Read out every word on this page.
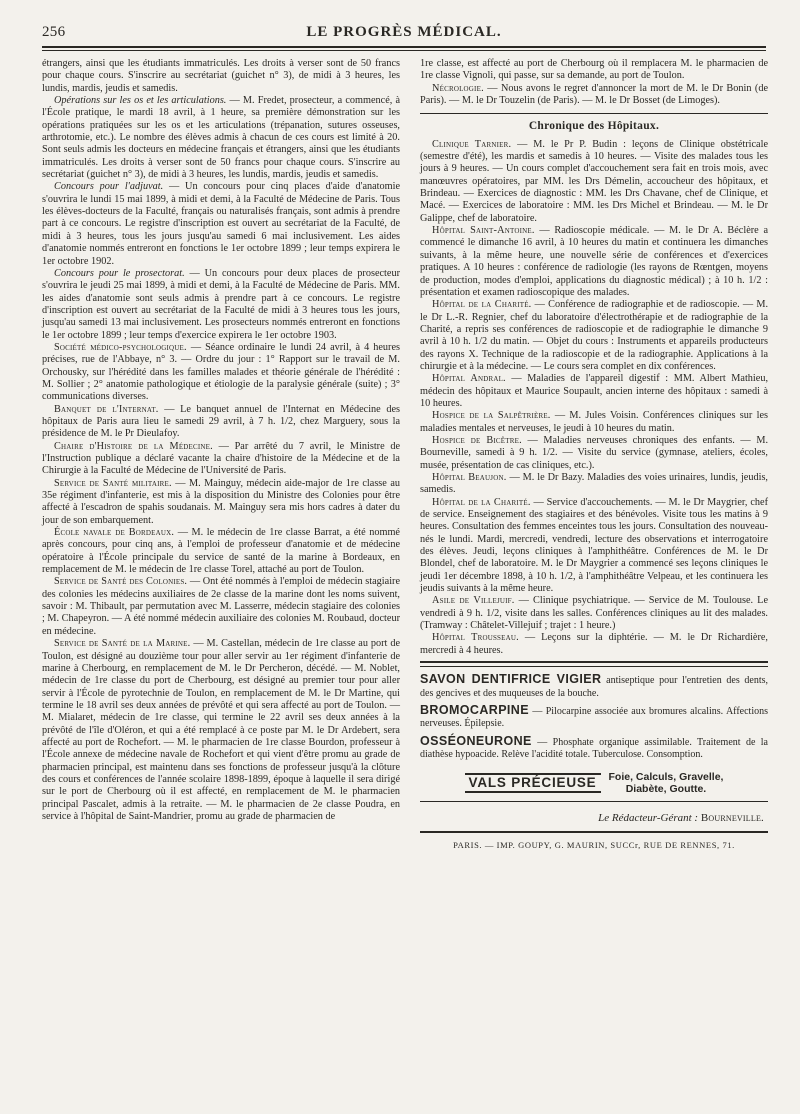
256	LE PROGRÈS MÉDICAL.

étrangers, ainsi que les étudiants immatriculés. Les droits à verser sont de 50 francs pour chaque cours. S'inscrire au secrétariat (guichet n° 3), de midi à 3 heures, les lundis, mardis, jeudis et samedis.

Opérations sur les os et les articulations. — M. Fredet, prosecteur, a commencé, à l'École pratique, le mardi 18 avril, à 1 heure, sa première démonstration sur les opérations pratiquées sur les os et les articulations (trépanation, sutures osseuses, arthrotomie, etc.). Le nombre des élèves admis à chacun de ces cours est limité à 20. Sont seuls admis les docteurs en médecine français et étrangers, ainsi que les étudiants immatriculés. Les droits à verser sont de 50 francs pour chaque cours. S'inscrire au secrétariat (guichet n° 3), de midi à 3 heures, les lundis, mardis, jeudis et samedis.

Concours pour l'adjuvat. — Un concours pour cinq places d'aide d'anatomie s'ouvrira le lundi 15 mai 1899, à midi et demi, à la Faculté de Médecine de Paris. Tous les élèves-docteurs de la Faculté, français ou naturalisés français, sont admis à prendre part à ce concours. Le registre d'inscription est ouvert au secrétariat de la Faculté, de midi à 3 heures, tous les jours jusqu'au samedi 6 mai inclusivement. Les aides d'anatomie nommés entreront en fonctions le 1er octobre 1899 ; leur temps expirera le 1er octobre 1902.

Concours pour le prosectorat. — Un concours pour deux places de prosecteur s'ouvrira le jeudi 25 mai 1899, à midi et demi, à la Faculté de Médecine de Paris. MM. les aides d'anatomie sont seuls admis à prendre part à ce concours. Le registre d'inscription est ouvert au secrétariat de la Faculté de midi à 3 heures tous les jours, jusqu'au samedi 13 mai inclusivement. Les prosecteurs nommés entreront en fonctions le 1er octobre 1899 ; leur temps d'exercice expirera le 1er octobre 1903.

Société médico-psychologique. — Séance ordinaire le lundi 24 avril, à 4 heures précises, rue de l'Abbaye, n° 3. — Ordre du jour : 1° Rapport sur le travail de M. Orchousky, sur l'hérédité dans les familles malades et théorie générale de l'hérédité : M. Sollier ; 2° anatomie pathologique et étiologie de la paralysie générale (suite) ; 3° communications diverses.

Banquet de l'Internat. — Le banquet annuel de l'Internat en Médecine des hôpitaux de Paris aura lieu le samedi 29 avril, à 7 h. 1/2, chez Marguery, sous la présidence de M. le Pr Dieulafoy.

Chaire d'Histoire de la Médecine. — Par arrêté du 7 avril, le Ministre de l'Instruction publique a déclaré vacante la chaire d'histoire de la Médecine et de la Chirurgie à la Faculté de Médecine de l'Université de Paris.

Service de Santé militaire. — M. Mainguy, médecin aide-major de 1re classe au 35e régiment d'infanterie, est mis à la disposition du Ministre des Colonies pour être affecté à l'escadron de spahis soudanais. M. Mainguy sera mis hors cadres à dater du jour de son embarquement.

École navale de Bordeaux. — M. le médecin de 1re classe Barrat, a été nommé après concours, pour cinq ans, à l'emploi de professeur d'anatomie et de médecine opératoire à l'École principale du service de santé de la marine à Bordeaux, en remplacement de M. le médecin de 1re classe Torel, attaché au port de Toulon.

Service de Santé des Colonies. — Ont été nommés à l'emploi de médecin stagiaire des colonies les médecins auxiliaires de 2e classe de la marine dont les noms suivent, savoir : M. Thibault, par permutation avec M. Lasserre, médecin stagiaire des colonies ; M. Chapeyron. — A été nommé médecin auxiliaire des colonies M. Roubaud, docteur en médecine.

Service de Santé de la Marine. — M. Castellan, médecin de 1re classe au port de Toulon, est désigné au douzième tour pour aller servir au 1er régiment d'infanterie de marine à Cherbourg, en remplacement de M. le Dr Percheron, décédé. — M. Noblet, médecin de 1re classe du port de Cherbourg, est désigné au premier tour pour aller servir à l'École de pyrotechnie de Toulon, en remplacement de M. le Dr Martine, qui termine le 18 avril ses deux années de prévôté et qui sera affecté au port de Toulon. — M. Mialaret, médecin de 1re classe, qui termine le 22 avril ses deux années à la prévôté de l'île d'Oléron, et qui a été remplacé à ce poste par M. le Dr Ardebert, sera affecté au port de Rochefort. — M. le pharmacien de 1re classe Bourdon, professeur à l'École annexe de médecine navale de Rochefort et qui vient d'être promu au grade de pharmacien principal, est maintenu dans ses fonctions de professeur jusqu'à la clôture des cours et conférences de l'année scolaire 1898-1899, époque à laquelle il sera dirigé sur le port de Cherbourg où il est affecté, en remplacement de M. le pharmacien principal Pascalet, admis à la retraite. — M. le pharmacien de 2e classe Poudra, en service à l'hôpital de Saint-Mandrier, promu au grade de pharmacien de

1re classe, est affecté au port de Cherbourg où il remplacera M. le pharmacien de 1re classe Vignoli, qui passe, sur sa demande, au port de Toulon.

Nécrologie. — Nous avons le regret d'annoncer la mort de M. le Dr Bonin (de Paris). — M. le Dr Touzelin (de Paris). — M. le Dr Bosset (de Limoges).

Chronique des Hôpitaux.

Clinique Tarnier. — M. le Pr P. Budin : leçons de Clinique obstétricale (semestre d'été), les mardis et samedis à 10 heures. — Visite des malades tous les jours à 9 heures. — Un cours complet d'accouchement sera fait en trois mois, avec manœuvres opératoires, par MM. les Drs Démelin, accoucheur des hôpitaux, et Brindeau. — Exercices de diagnostic : MM. les Drs Chavane, chef de Clinique, et Macé. — Exercices de laboratoire : MM. les Drs Michel et Brindeau. — M. le Dr Galippe, chef de laboratoire.

Hôpital Saint-Antoine. — Radioscopie médicale. — M. le Dr A. Béclère a commencé le dimanche 16 avril, à 10 heures du matin et continuera les dimanches suivants, à la même heure, une nouvelle série de conférences et d'exercices pratiques. A 10 heures : conférence de radiologie (les rayons de Rœntgen, moyens de production, modes d'emploi, applications du diagnostic médical) ; à 10 h. 1/2 : présentation et examen radioscopique des malades.

Hôpital de la Charité. — Conférence de radiographie et de radioscopie. — M. le Dr L.-R. Regnier, chef du laboratoire d'électrothérapie et de radiographie de la Charité, a repris ses conférences de radioscopie et de radiographie le dimanche 9 avril à 10 h. 1/2 du matin. — Objet du cours : Instruments et appareils producteurs des rayons X. Technique de la radioscopie et de la radiographie. Applications à la chirurgie et à la médecine. — Le cours sera complet en dix conférences.

Hôpital Andral. — Maladies de l'appareil digestif : MM. Albert Mathieu, médecin des hôpitaux et Maurice Soupault, ancien interne des hôpitaux : samedi à 10 heures.

Hospice de la Salpêtrière. — M. Jules Voisin. Conférences cliniques sur les maladies mentales et nerveuses, le jeudi à 10 heures du matin.

Hospice de Bicêtre. — Maladies nerveuses chroniques des enfants. — M. Bourneville, samedi à 9 h. 1/2. — Visite du service (gymnase, ateliers, écoles, musée, présentation de cas cliniques, etc.).

Hôpital Beaujon. — M. le Dr Bazy. Maladies des voies urinaires, lundis, jeudis, samedis.

Hôpital de la Charité. — Service d'accouchements. — M. le Dr Maygrier, chef de service. Enseignement des stagiaires et des bénévoles. Visite tous les matins à 9 heures. Consultation des femmes enceintes tous les jours. Consultation des nouveau-nés le lundi. Mardi, mercredi, vendredi, lecture des observations et interrogatoire des élèves. Jeudi, leçons cliniques à l'amphithéâtre. Conférences de M. le Dr Blondel, chef de laboratoire. M. le Dr Maygrier a commencé ses leçons cliniques le jeudi 1er décembre 1898, à 10 h. 1/2, à l'amphithéâtre Velpeau, et les continuera les jeudis suivants à la même heure.

Asile de Villejuif. — Clinique psychiatrique. — Service de M. Toulouse. Le vendredi à 9 h. 1/2, visite dans les salles. Conférences cliniques au lit des malades. (Tramway : Châtelet-Villejuif ; trajet : 1 heure.)

Hôpital Trousseau. — Leçons sur la diphtérie. — M. le Dr Richardière, mercredi à 4 heures.

SAVON DENTIFRICE VIGIER antiseptique pour l'entretien des dents, des gencives et des muqueuses de la bouche.
BROMOCARPINE — Pilocarpine associée aux bromures alcalins. Affections nerveuses. Épilepsie.
OSSÉONEURONE — Phosphate organique assimilable. Traitement de la diathèse hypoacide. Relève l'acidité totale. Tuberculose. Consomption.
VALS PRÉCIEUSE	Foie, Calculs, Gravelle,
Diabète, Goutte.
Le Rédacteur-Gérant : Bourneville.
PARIS. — IMP. GOUPY, G. MAURIN, SUCCr, RUE DE RENNES, 71.
